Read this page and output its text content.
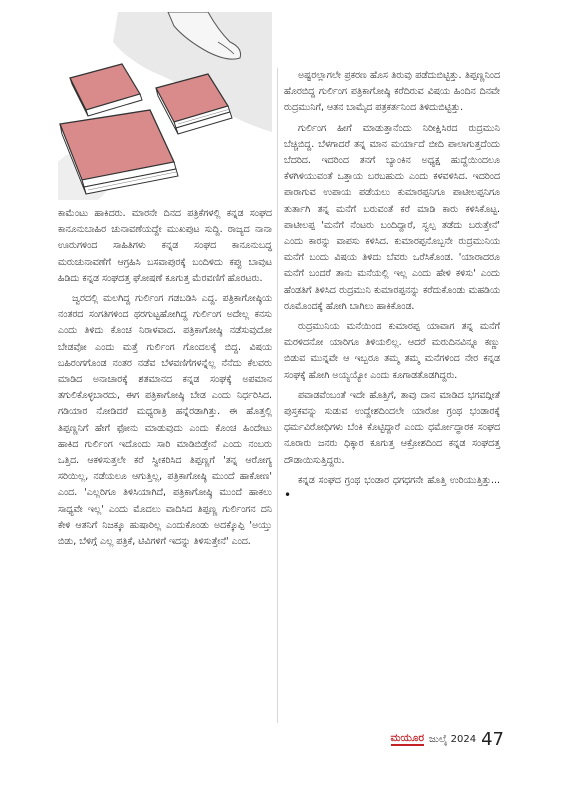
ಕಾಮೆಂಟು ಹಾಕಿದರು. ಮಾರನೇ ದಿನದ ಪತ್ರಿಕೆಗಳಲ್ಲಿ ಕನ್ನಡ ಸಂಘದ ಕಾನೂನುಬಾಹಿರ ಚುನಾವಣೆಯದ್ದೇ ಮುಖಪುಟ ಸುದ್ದಿ. ರಾಜ್ಯದ ನಾನಾ ಊರುಗಳಿಂದ ಸಾಹಿತಿಗಳು ಕನ್ನಡ ಸಂಘದ ಕಾನೂನುಬದ್ಧ ಮರುಚುನಾವಣೆಗೆ ಆಗ್ರಹಿಸಿ ಬಸವಾಪುರಕ್ಕೆ ಬಂದಿಳಿದು ಕಪ್ಪು ಬಾವುಟ ಹಿಡಿದು ಕನ್ನಡ ಸಂಘದತ್ತ ಘೋಷಣೆ ಕೂಗುತ್ತ ಮೆರವಣಿಗೆ ಹೊರಟರು.

ಜ್ವರದಲ್ಲಿ ಮಲಗಿದ್ದ ಗುರ್ಲಿಂಗ ಗಡಬಡಿಸಿ ಎದ್ದ. ಪತ್ರಿಕಾಗೋಷ್ಠಿಯ ನಂತರದ ಸಂಗತಿಗಳಿಂದ ಥರಗುಟ್ಟಹೋಗಿದ್ದ ಗುರ್ಲಿಂಗ ಅದೇಲ್ಲ ಕನಸು ಎಂದು ತಿಳಿದು ಕೊಂಚ ನಿರಾಳವಾದ. ಪತ್ರಿಕಾಗೋಷ್ಠಿ ನಡೆಸುವುದೋ ಬೇಡವೋ ಎಂದು ಮತ್ತೆ ಗುರ್ಲಿಂಗ ಗೊಂದಲಕ್ಕೆ ಬಿದ್ದ. ವಿಷಯ ಬಹಿರಂಗಗೊಂಡ ನಂತರ ನಡೆವ ಬೆಳವಣಿಗೆಗಳನ್ನೆಲ್ಲ ನೆನೆದು ಕೆಲವರು ಮಾಡಿದ ಅನಾಚಾರಕ್ಕೆ ಶತಮಾನದ ಕನ್ನಡ ಸಂಘಕ್ಕೆ ಅಪಮಾನ ತಗುಲಿಕೊಳ್ಳಬಾರದು, ಈಗ ಪತ್ರಿಕಾಗೋಷ್ಠಿ ಬೇಡ ಎಂದು ನಿರ್ಧರಿಸಿದ. ಗಡಿಯಾರ ನೋಡಿದರೆ ಮಧ್ಯರಾತ್ರಿ ಹನ್ನೆರಡಾಗಿತ್ತು. ಈ ಹೊತ್ತಲ್ಲಿ ತಿಪ್ಪಣ್ಣನಿಗೆ ಹೇಗೆ ಫೋನು ಮಾಡುವುದು ಎಂದು ಕೊಂಚ ಹಿಂದೇಟು ಹಾಕಿದ ಗುರ್ಲಿಂಗ ಇದೊಂದು ಸಾರಿ ಮಾಡಿಬಿಡ್ತೇನೆ ಎಂದು ನಂಬರು ಒತ್ತಿದ. ಆಕಳಿಸುತ್ತಲೇ ಕರೆ ಸ್ವೀಕರಿಸಿದ ತಿಪ್ಪಣ್ಣಗೆ 'ತನ್ನ ಆರೋಗ್ಯ ಸರಿಯಿಲ್ಲ, ನಡೆಯಲೂ ಆಗುತ್ತಿಲ್ಲ, ಪತ್ರಿಕಾಗೋಷ್ಠಿ ಮುಂದೆ ಹಾಕೋಣ' ಎಂದ. 'ಎಲ್ಲರಿಗೂ ತಿಳಿಸಿಯಾಗಿದೆ, ಪತ್ರಿಕಾಗೋಷ್ಠಿ ಮುಂದೆ ಹಾಕಲು ಸಾಧ್ಯವೇ ಇಲ್ಲ' ಎಂದು ಮೊದಲು ವಾದಿಸಿದ ತಿಪ್ಪಣ್ಣ ಗುರ್ಲಿಂಗನ ದನಿ ಕೇಳಿ ಆತನಿಗೆ ನಿಜಕ್ಕೂ ಹುಷಾರಿಲ್ಲ ಎಂದುಕೊಂಡು ಅದಕ್ಕೊಪ್ಪಿ 'ಅಯ್ತು ಬಿಡು, ಬೆಳಿಗ್ಗೆ ಎಲ್ಲ ಪತ್ರಿಕೆ, ಟಿವಿಗಳಿಗೆ ಇದನ್ನು ತಿಳಿಸುತ್ತೇನೆ' ಎಂದ.

ಅಷ್ಟರಲ್ಲಾಗಲೇ ಪ್ರಕರಣ ಹೊಸ ತಿರುವು ಪಡೆದುಬಿಟ್ಟಿತ್ತು. ತಿಪ್ಪಣ್ಣನಿಂದ ಹೊರಬಿದ್ದ ಗುರ್ಲಿಂಗ ಪತ್ರಿಕಾಗೋಷ್ಠಿ ಕರೆದಿರುವ ವಿಷಯ ಹಿಂದಿನ ದಿನವೇ ರುದ್ರಮುನಿಗೆ, ಆತನ ಬಾಮೈದ ಪತ್ರಕರ್ತನಿಂದ ತಿಳಿದುಬಿಟ್ಟಿತ್ತು.

ಗುರ್ಲಿಂಗ ಹೀಗೆ ಮಾಡುತ್ತಾನೆಂದು ನಿರೀಕ್ಷಿಸಿರದ ರುದ್ರಮುನಿ ಬೆಚ್ಚಿಬಿದ್ದ. ಬೆಳಗಾದರೆ ತನ್ನ ಮಾನ ಮರ್ಯಾದೆ ಬೀದಿ ಪಾಲಾಗುತ್ತದೆಂದು ಬೆದರಿದ. ಇದರಿಂದ ತನಗೆ ಬ್ಯಾಂಕಿನ ಅಧ್ಯಕ್ಷ ಹುದ್ದೆಯಿಂದಲೂ ಕೆಳಗಿಳಿಯುವಂತೆ ಒತ್ತಾಯ ಬರಬಹುದು ಎಂದು ಕಳವಳಿಸಿದ. ಇದರಿಂದ ಪಾರಾಗುವ ಉಪಾಯ ಪಡೆಯಲು ಕುಮಾರಪ್ಪನಿಗೂ ಪಾಟೀಲಪ್ಪನಿಗೂ ತುರ್ತಾಗಿ ತನ್ನ ಮನೆಗೆ ಬರುವಂತೆ ಕರೆ ಮಾಡಿ ಕಾರು ಕಳಿಸಿಕೊಟ್ಟ. ಪಾಟೀಲಪ್ಪ 'ಮನೆಗೆ ನೆಂಟರು ಬಂದಿದ್ದಾರೆ, ಸ್ವಲ್ಪ ತಡೆದು ಬರುತ್ತೇನೆ' ಎಂದು ಕಾರನ್ನು ವಾಪಸು ಕಳಿಸಿದ. ಕುಮಾರಪ್ಪನೊಬ್ಬನೇ ರುದ್ರಮುನಿಯ ಮನೆಗೆ ಬಂದು ವಿಷಯ ತಿಳಿದು ಬೆವರು ಒರೆಸಿಕೊಂಡ. 'ಯಾರಾದರೂ ಮನೆಗೆ ಬಂದರೆ ತಾನು ಮನೆಯಲ್ಲಿ ಇಲ್ಲ ಎಂದು ಹೇಳಿ ಕಳಿಸು' ಎಂದು ಹೆಂಡತಿಗೆ ತಿಳಿಸಿದ ರುದ್ರಮುನಿ ಕುಮಾರಪ್ಪನನ್ನು ಕರೆದುಕೊಂಡು ಮಹಡಿಯ ರೂಮೊಂದಕ್ಕೆ ಹೋಗಿ ಬಾಗಿಲು ಹಾಕಿಕೊಂಡ.

ರುದ್ರಮುನಿಯ ಮನೆಯಿಂದ ಕುಮಾರಪ್ಪ ಯಾವಾಗ ತನ್ನ ಮನೆಗೆ ಮರಳಿದನೋ ಯಾರಿಗೂ ತಿಳಿಯಲಿಲ್ಲ. ಆದರೆ ಮರುದಿನವಿನ್ನೂ ಕಣ್ಣು ಬಿಡುವ ಮುನ್ನವೇ ಆ ಇಬ್ಬರೂ ತಮ್ಮ ತಮ್ಮ ಮನೆಗಳಿಂದ ನೇರ ಕನ್ನಡ ಸಂಘಕ್ಕೆ ಹೋಗಿ ಅಯ್ಯಯ್ಯೋ ಎಂದು ಕೂಗಾಡತೊಡಗಿದ್ದರು.

ಪವಾಡವೆಂಬಂತೆ ಇದೇ ಹೊತ್ತಿಗೆ, ತಾವು ದಾನ ಮಾಡಿದ ಭಗವದ್ಗೀತೆ ಪುಸ್ತಕವನ್ನು ಸುಡುವ ಉದ್ದೇಶದಿಂದಲೇ ಯಾರೋ ಗ್ರಂಥ ಭಂಡಾರಕ್ಕೆ ಧರ್ಮವಿರೋಧಿಗಳು ಬೆಂಕಿ ಕೊಟ್ಟಿದ್ದಾರೆ ಎಂದು ಧರ್ಮೋದ್ಧಾರಕ ಸಂಘದ ನೂರಾರು ಜನರು ಧಿಕ್ಕಾರ ಕೂಗುತ್ತ ಆಕ್ರೋಶದಿಂದ ಕನ್ನಡ ಸಂಘದತ್ತ ದೌಡಾಯಿಸುತ್ತಿದ್ದರು.

ಕನ್ನಡ ಸಂಘದ ಗ್ರಂಥ ಭಂಡಾರ ಧಗಧಗನೇ ಹೊತ್ತಿ ಉರಿಯುತ್ತಿತ್ತು... •

ಮಯೂರ ಜುಲೈ 2024 47
